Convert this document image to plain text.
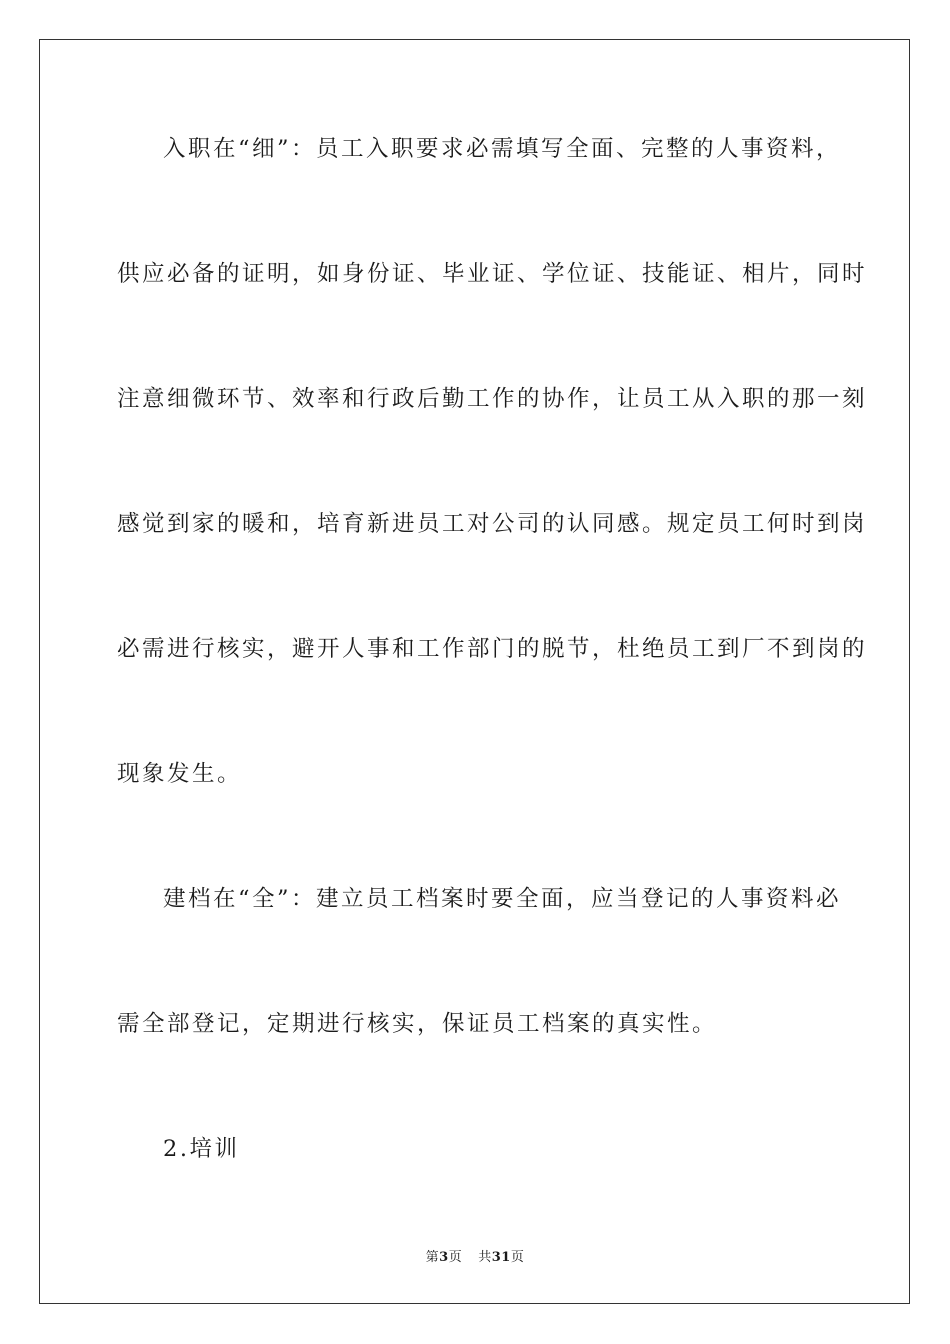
入职在“细”：员工入职要求必需填写全面、完整的人事资料，
供应必备的证明，如身份证、毕业证、学位证、技能证、相片，同时
注意细微环节、效率和行政后勤工作的协作，让员工从入职的那一刻
感觉到家的暖和，培育新进员工对公司的认同感。规定员工何时到岗
必需进行核实，避开人事和工作部门的脱节，杜绝员工到厂不到岗的
现象发生。
建档在“全”：建立员工档案时要全面，应当登记的人事资料必
需全部登记，定期进行核实，保证员工档案的真实性。
2.培训
第3页 共31页
